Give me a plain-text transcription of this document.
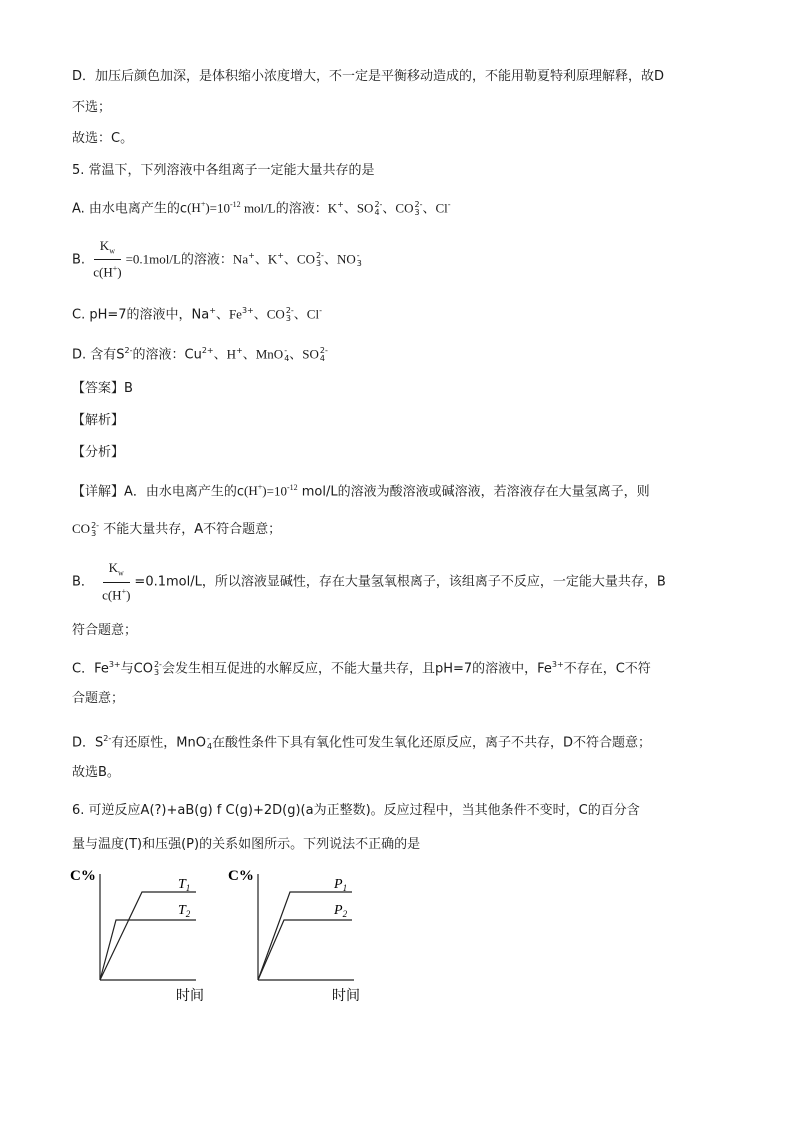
D．加压后颜色加深，是体积缩小浓度增大，不一定是平衡移动造成的，不能用勒夏特利原理解释，故D
不选；
故选：C。
5. 常温下，下列溶液中各组离子一定能大量共存的是
A. 由水电离产生的$c(H^+)=10^{-12}$ mol/L的溶液：K+、SO 2-
4 、CO 2-
3 、Cl-
B. $\frac{K_w}{c(H^+)} =0.1mol/L$的溶液：Na+、K+、CO 2-
3 、NO -
3
C. pH=7的溶液中，Na+、$Fe^{3+}$、CO 2-
3 、Cl-
D. 含有$S^{2-}$的溶液：$Cu^{2+}$、H+、MnO -
4 、SO 2-
4
【答案】B
【解析】
【分析】
【详解】A．由水电离产生的$c(H^+)=10^{-12}$ mol/L的溶液为酸溶液或碱溶液，若溶液存在大量氢离子，则
CO 2-
3 不能大量共存，A不符合题意；
B． $\frac{K_w}{c(H^+)} =0.1mol/L$，所以溶液显碱性，存在大量氢氧根离子，该组离子不反应，一定能大量共存，B
符合题意；
C．$Fe^{3+}$与CO 2-
3 会发生相互促进的水解反应，不能大量共存，且pH=7的溶液中，$Fe^{3+}$不存在，C不符
合题意；
D．$S^{2-}$有还原性，MnO -
4 在酸性条件下具有氧化性可发生氧化还原反应，离子不共存，D不符合题意；
故选B。
6. 可逆反应A(?)+aB(g) f C(g)+2D(g)(a为正整数)。反应过程中，当其他条件不变时，C的百分含
量与温度(T)和压强(P)的关系如图所示。下列说法不正确的是
C%
$T_1$
$T_2$
时间
C%
$P_1$
$P_2$
时间
